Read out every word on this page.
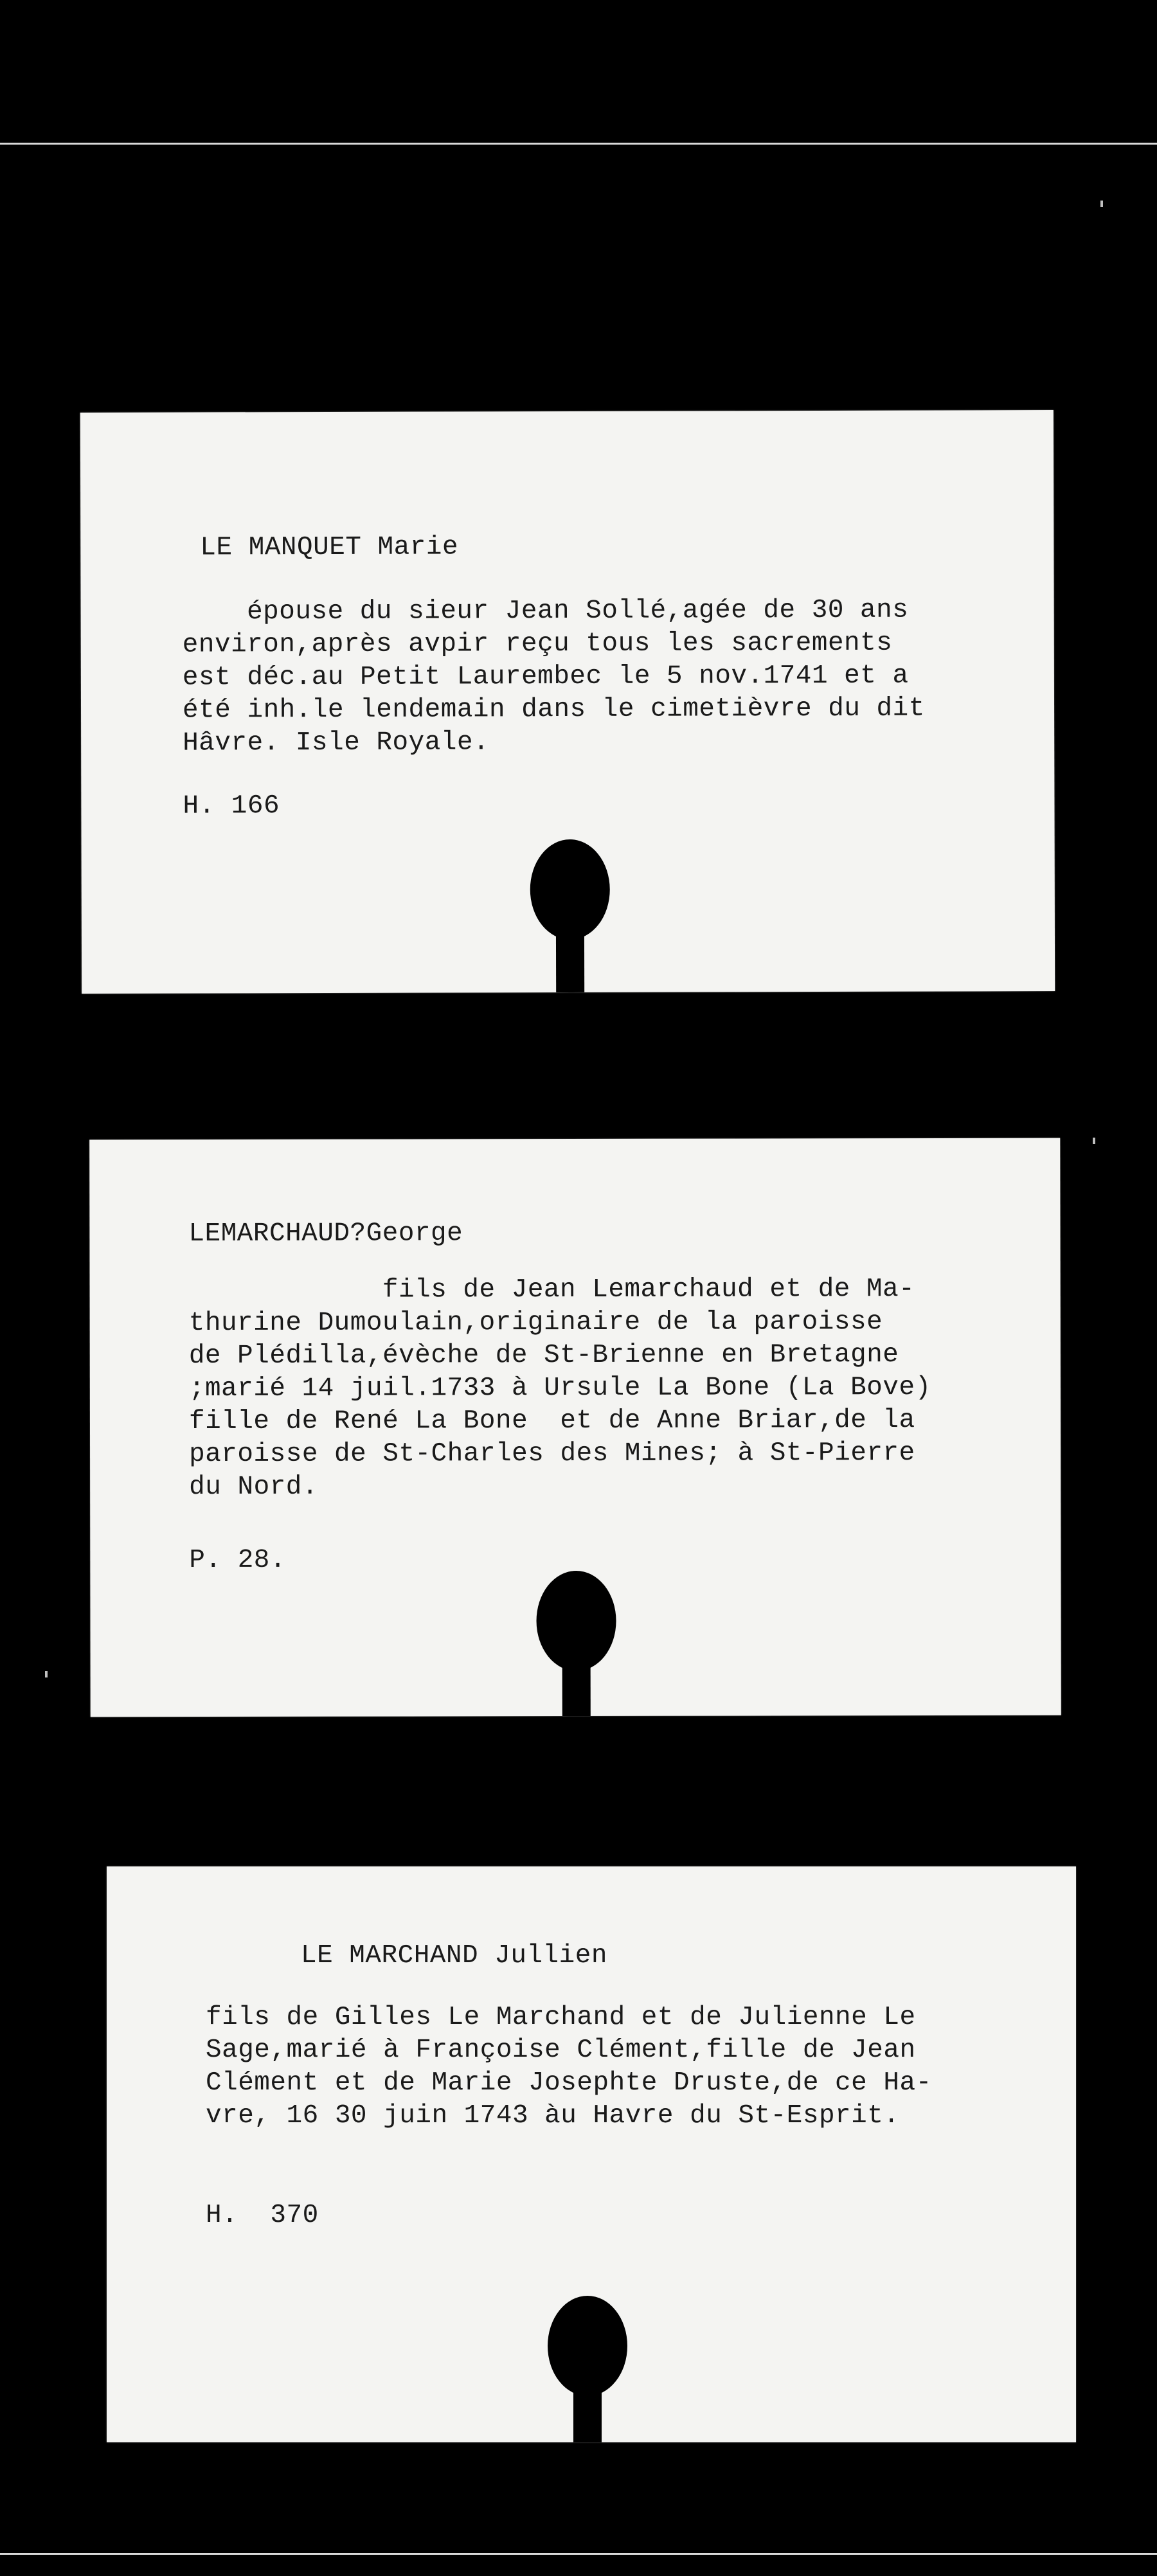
LE MANQUET Marie
épouse du sieur Jean Sollé,agée de 30 ans
environ,après avpir reçu tous les sacrements
est déc.au Petit Laurembec le 5 nov.1741 et a
été inh.le lendemain dans le cimetièvre du dit
Hâvre. Isle Royale.
H. 166
LEMARCHAUD?George
fils de Jean Lemarchaud et de Ma-
thurine Dumoulain,originaire de la paroisse
de Plédilla,évèche de St-Brienne en Bretagne
;marié 14 juil.1733 à Ursule La Bone (La Bove)
fille de René La Bone  et de Anne Briar,de la
paroisse de St-Charles des Mines; à St-Pierre
du Nord.
P. 28.
LE MARCHAND Jullien
fils de Gilles Le Marchand et de Julienne Le
Sage,marié à Françoise Clément,fille de Jean
Clément et de Marie Josephte Druste,de ce Ha-
vre, 16 30 juin 1743 àu Havre du St-Esprit.
H.  370
